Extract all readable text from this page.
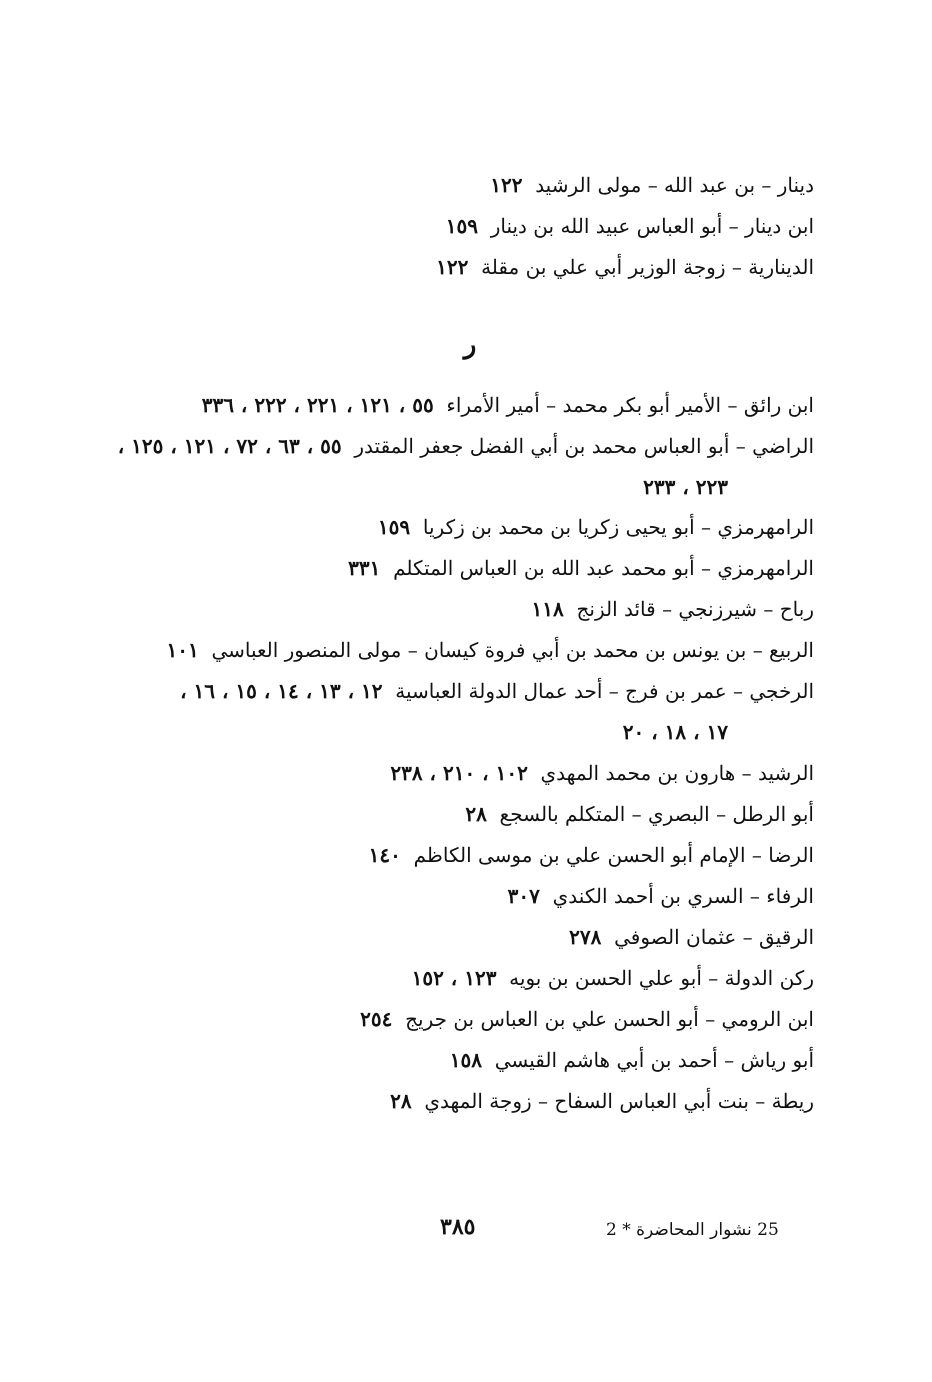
دينار – بن عبد الله – مولى الرشيد  ١٢٢
ابن دينار – أبو العباس عبيد الله بن دينار  ١٥٩
الدينارية – زوجة الوزير أبي علي بن مقلة  ١٢٢
ر
ابن رائق – الأمير أبو بكر محمد – أمير الأمراء  ٥٥ ، ١٢١ ، ٢٢١ ، ٢٢٢ ، ٣٣٦
الراضي – أبو العباس محمد بن أبي الفضل جعفر المقتدر  ٥٥ ، ٦٣ ، ٧٢ ، ١٢١ ، ١٢٥ ،
٢٢٣ ، ٢٣٣
الرامهرمزي – أبو يحيى زكريا بن محمد بن زكريا  ١٥٩
الرامهرمزي – أبو محمد عبد الله بن العباس المتكلم  ٣٣١
رباح – شيرزنجي – قائد الزنج  ١١٨
الربيع – بن يونس بن محمد بن أبي فروة كيسان – مولى المنصور العباسي  ١٠١
الرخجي – عمر بن فرج – أحد عمال الدولة العباسية  ١٢ ، ١٣ ، ١٤ ، ١٥ ، ١٦ ،
١٧ ، ١٨ ، ٢٠
الرشيد – هارون بن محمد المهدي  ١٠٢ ، ٢١٠ ، ٢٣٨
أبو الرطل – البصري – المتكلم بالسجع  ٢٨
الرضا – الإمام أبو الحسن علي بن موسى الكاظم  ١٤٠
الرفاء – السري بن أحمد الكندي  ٣٠٧
الرقيق – عثمان الصوفي  ٢٧٨
ركن الدولة – أبو علي الحسن بن بويه  ١٢٣ ، ١٥٢
ابن الرومي – أبو الحسن علي بن العباس بن جريج  ٢٥٤
أبو رياش – أحمد بن أبي هاشم القيسي  ١٥٨
ريطة – بنت أبي العباس السفاح – زوجة المهدي  ٢٨
25 نشوار المحاضرة * 2
٣٨٥
